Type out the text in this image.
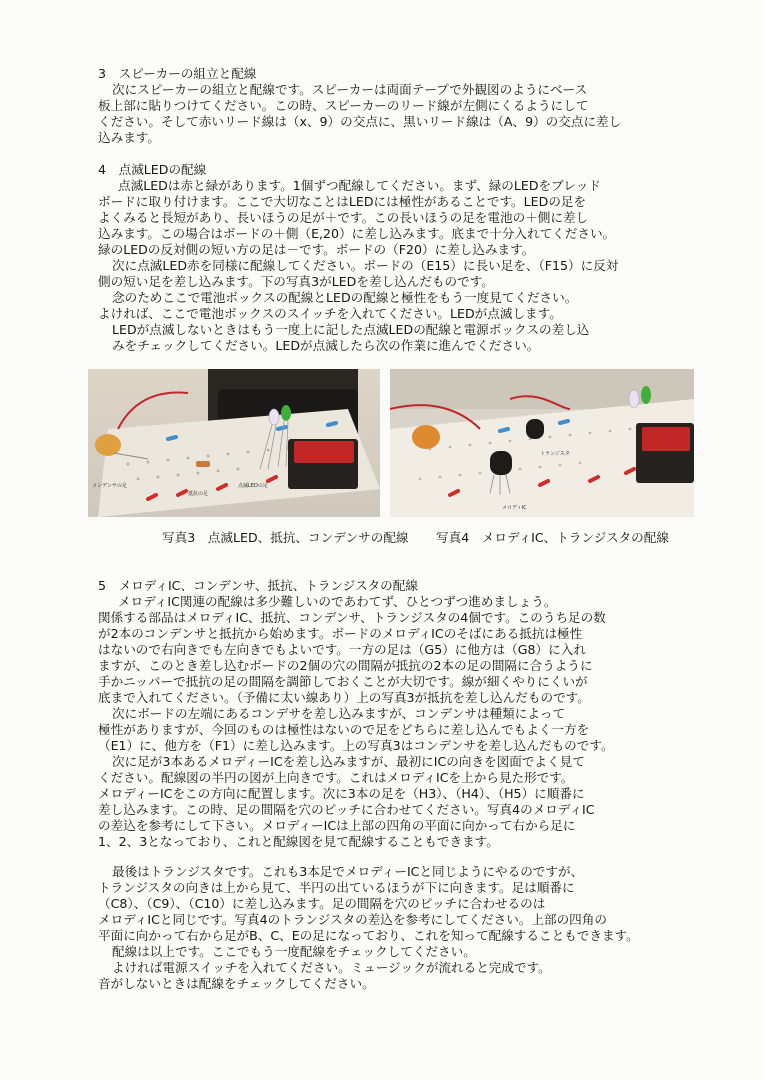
3　スピーカーの組立と配線
次にスピーカーの組立と配線です。スピーカーは両面テープで外観図のようにベース
板上部に貼りつけてください。この時、スピーカーのリード線が左側にくるようにして
ください。そして赤いリード線は（x、9）の交点に、黒いリード線は（A、9）の交点に差し
込みます。
4　点滅LEDの配線
点滅LEDは赤と緑があります。1個ずつ配線してください。まず、緑のLEDをブレッド
ボードに取り付けます。ここで大切なことはLEDには極性があることです。LEDの足を
よくみると長短があり、長いほうの足が＋です。この長いほうの足を電池の＋側に差し
込みます。この場合はボードの＋側（E,20）に差し込みます。底まで十分入れてください。
緑のLEDの反対側の短い方の足は－です。ボードの（F20）に差し込みます。
次に点滅LED赤を同様に配線してください。ボードの（E15）に長い足を、（F15）に反対
側の短い足を差し込みます。下の写真3がLEDを差し込んだものです。
念のためここで電池ボックスの配線とLEDの配線と極性をもう一度見てください。
よければ、ここで電池ボックスのスイッチを入れてください。LEDが点滅します。
LEDが点滅しないときはもう一度上に記した点滅LEDの配線と電源ボックスの差し込
みをチェックしてください。LEDが点滅したら次の作業に進んでください。
コンデンサの足
抵抗の足
点滅LEDの足
トランジスタ
メロディIC
写真3　点滅LED、抵抗、コンデンサの配線 写真4　メロディIC、トランジスタの配線
5　メロディIC、コンデンサ、抵抗、トランジスタの配線
メロディIC関連の配線は多少難しいのであわてず、ひとつずつ進めましょう。
関係する部品はメロディIC、抵抗、コンデンサ、トランジスタの4個です。このうち足の数
が2本のコンデンサと抵抗から始めます。ボードのメロディICのそばにある抵抗は極性
はないので右向きでも左向きでもよいです。一方の足は（G5）に他方は（G8）に入れ
ますが、このとき差し込むボードの2個の穴の間隔が抵抗の2本の足の間隔に合うように
手かニッパーで抵抗の足の間隔を調節しておくことが大切です。線が細くやりにくいが
底まで入れてください。（予備に太い線あり）上の写真3が抵抗を差し込んだものです。
次にボードの左端にあるコンデサを差し込みますが、コンデンサは種類によって
極性がありますが、今回のものは極性はないので足をどちらに差し込んでもよく一方を
（E1）に、他方を（F1）に差し込みます。上の写真3はコンデンサを差し込んだものです。
次に足が3本あるメロディーICを差し込みますが、最初にICの向きを図面でよく見て
ください。配線図の半円の図が上向きです。これはメロディICを上から見た形です。
メロディーICをこの方向に配置します。次に3本の足を（H3）、（H4）、（H5）に順番に
差し込みます。この時、足の間隔を穴のピッチに合わせてください。写真4のメロディIC
の差込を参考にして下さい。メロディーICは上部の四角の平面に向かって右から足に
1、2、3となっており、これと配線図を見て配線することもできます。
最後はトランジスタです。これも3本足でメロディーICと同じようにやるのですが、
トランジスタの向きは上から見て、半円の出ているほうが下に向きます。足は順番に
（C8）、（C9）、（C10）に差し込みます。足の間隔を穴のピッチに合わせるのは
メロディICと同じです。写真4のトランジスタの差込を参考にしてください。上部の四角の
平面に向かって右から足がB、C、Eの足になっており、これを知って配線することもできます。
配線は以上です。ここでもう一度配線をチェックしてください。
よければ電源スイッチを入れてください。ミュージックが流れると完成です。
音がしないときは配線をチェックしてください。
